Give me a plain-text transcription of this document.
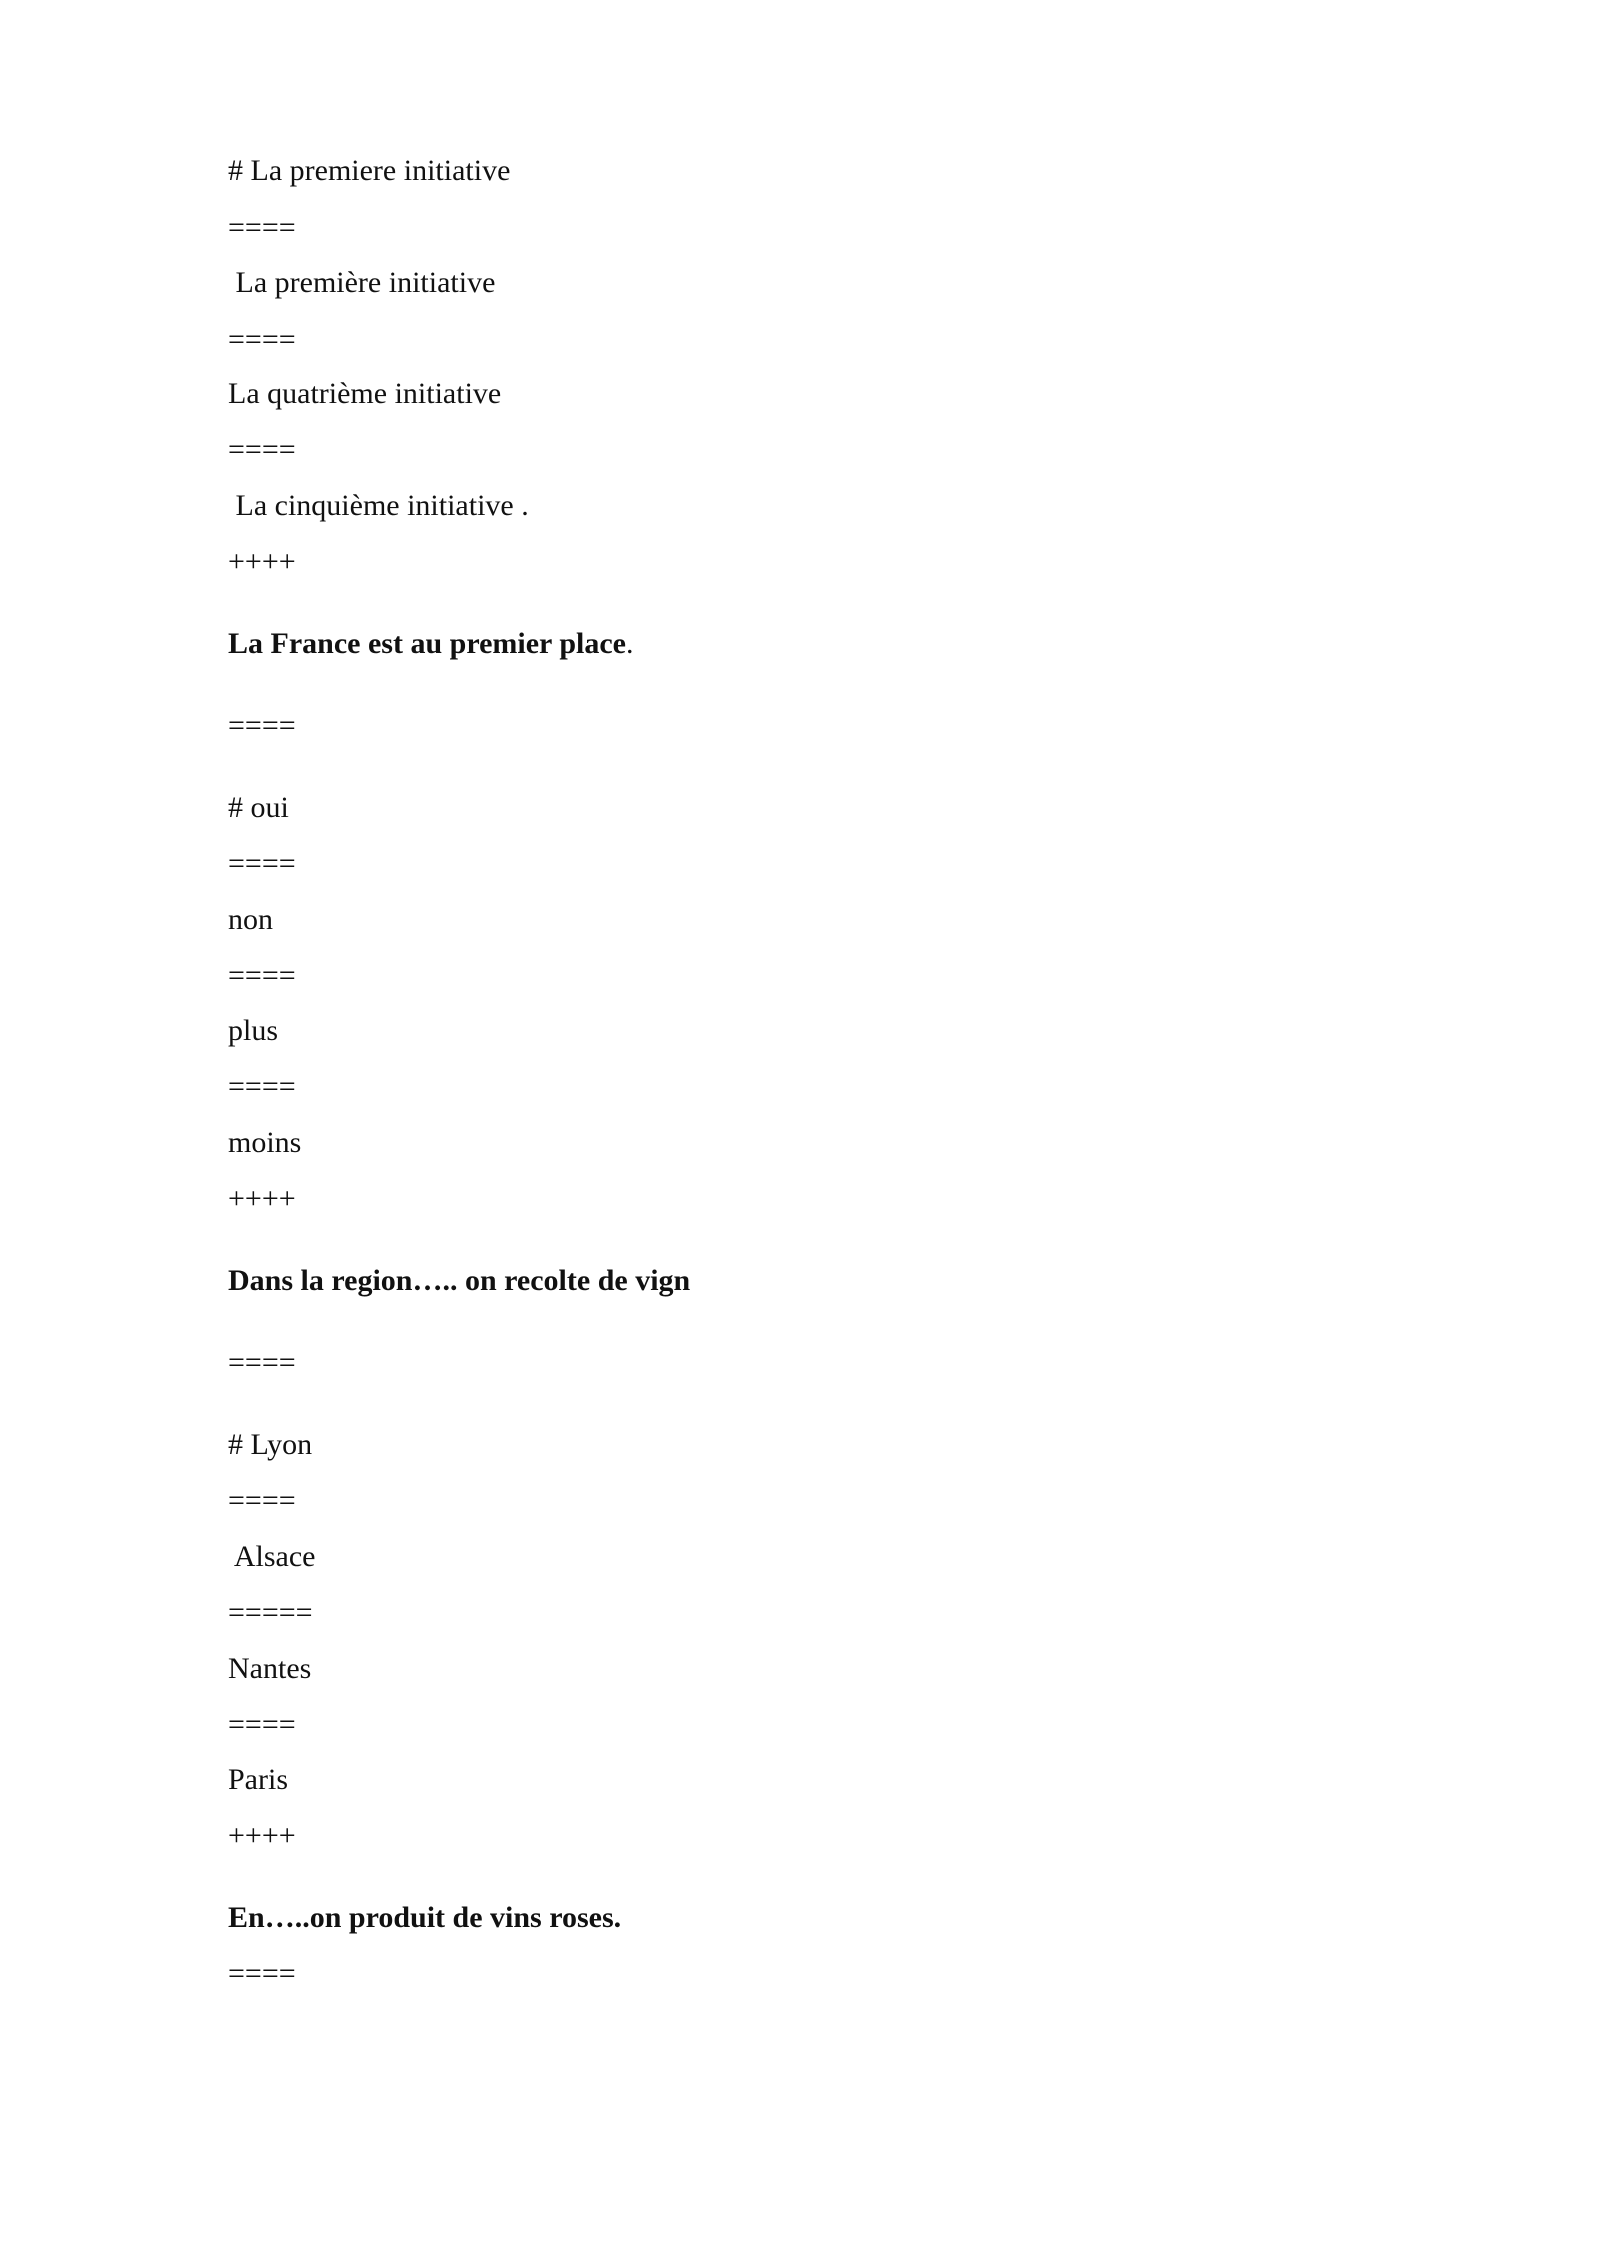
# La premiere initiative
====
La première initiative
====
La quatrième initiative
====
La cinquième initiative .
++++
La France est au premier place.
====
# oui
====
non
====
plus
====
moins
++++
Dans la region….. on recolte de vign
====
# Lyon
====
Alsace
=====
Nantes
====
Paris
++++
En…..on produit de vins roses.
====
